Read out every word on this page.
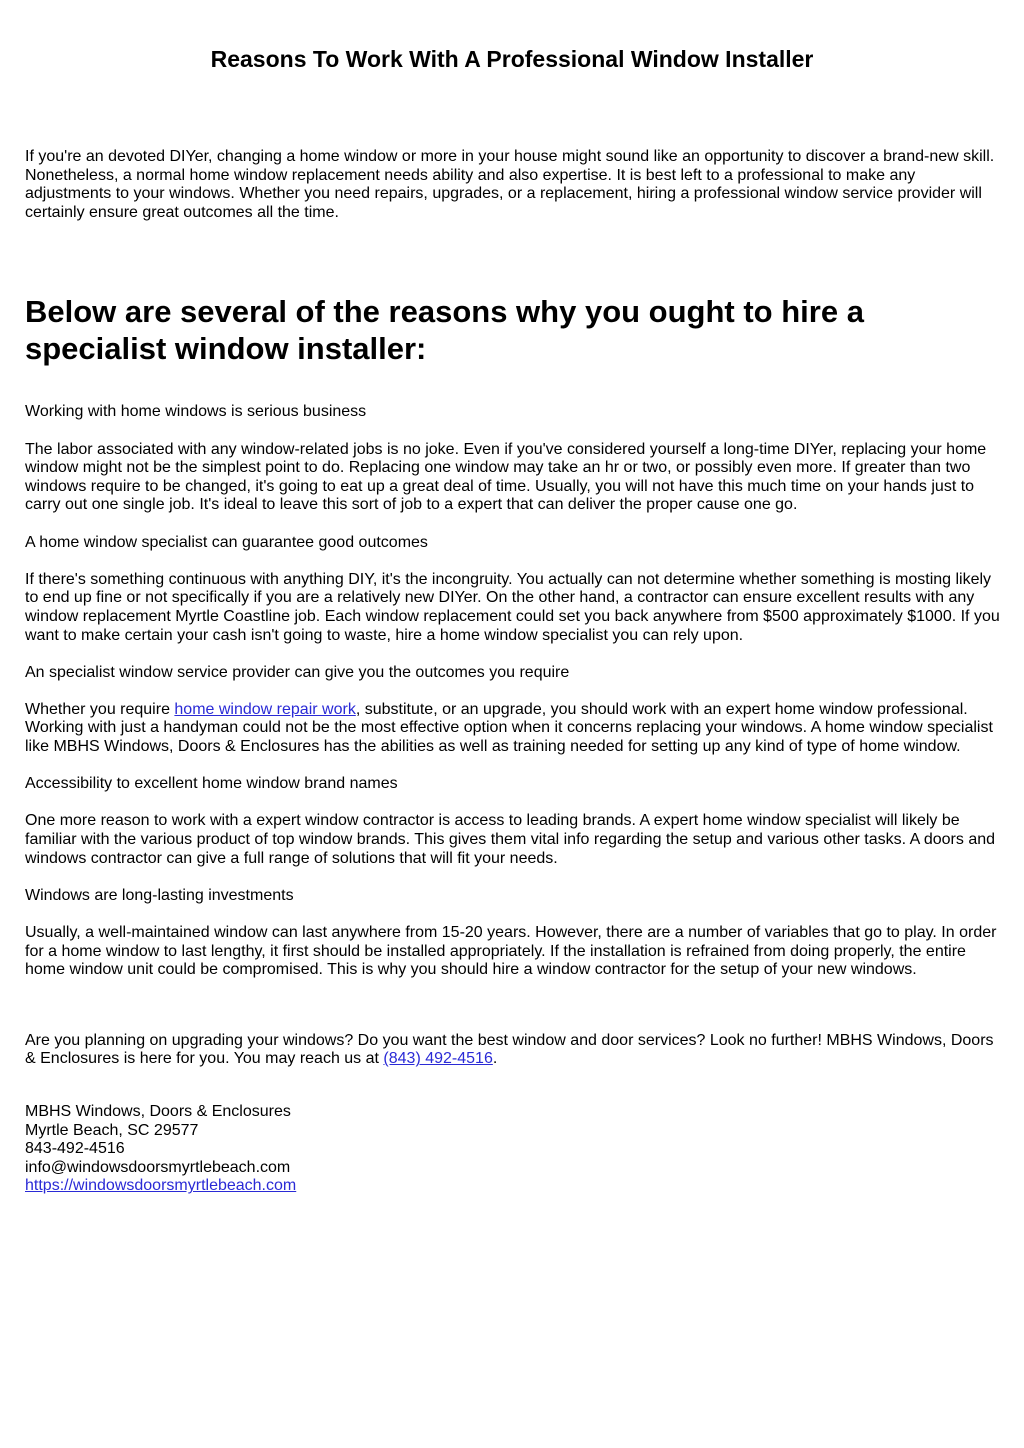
Reasons To Work With A Professional Window Installer

If you're an devoted DIYer, changing a home window or more in your house might sound like an opportunity to discover a brand-new skill. Nonetheless, a normal home window replacement needs ability and also expertise. It is best left to a professional to make any adjustments to your windows. Whether you need repairs, upgrades, or a replacement, hiring a professional window service provider will certainly ensure great outcomes all the time.

Below are several of the reasons why you ought to hire a specialist window installer:

Working with home windows is serious business

The labor associated with any window-related jobs is no joke. Even if you've considered yourself a long-time DIYer, replacing your home window might not be the simplest point to do. Replacing one window may take an hr or two, or possibly even more. If greater than two windows require to be changed, it's going to eat up a great deal of time. Usually, you will not have this much time on your hands just to carry out one single job. It's ideal to leave this sort of job to a expert that can deliver the proper cause one go.

A home window specialist can guarantee good outcomes

If there's something continuous with anything DIY, it's the incongruity. You actually can not determine whether something is mosting likely to end up fine or not specifically if you are a relatively new DIYer. On the other hand, a contractor can ensure excellent results with any window replacement Myrtle Coastline job. Each window replacement could set you back anywhere from $500 approximately $1000. If you want to make certain your cash isn't going to waste, hire a home window specialist you can rely upon.

An specialist window service provider can give you the outcomes you require

Whether you require home window repair work, substitute, or an upgrade, you should work with an expert home window professional. Working with just a handyman could not be the most effective option when it concerns replacing your windows. A home window specialist like MBHS Windows, Doors & Enclosures has the abilities as well as training needed for setting up any kind of type of home window.

Accessibility to excellent home window brand names

One more reason to work with a expert window contractor is access to leading brands. A expert home window specialist will likely be familiar with the various product of top window brands. This gives them vital info regarding the setup and various other tasks. A doors and windows contractor can give a full range of solutions that will fit your needs.

Windows are long-lasting investments

Usually, a well-maintained window can last anywhere from 15-20 years. However, there are a number of variables that go to play. In order for a home window to last lengthy, it first should be installed appropriately. If the installation is refrained from doing properly, the entire home window unit could be compromised. This is why you should hire a window contractor for the setup of your new windows.

Are you planning on upgrading your windows? Do you want the best window and door services? Look no further! MBHS Windows, Doors & Enclosures is here for you. You may reach us at (843) 492-4516.

MBHS Windows, Doors & Enclosures

Myrtle Beach, SC 29577

843-492-4516

info@windowsdoorsmyrtlebeach.com

https://windowsdoorsmyrtlebeach.com
